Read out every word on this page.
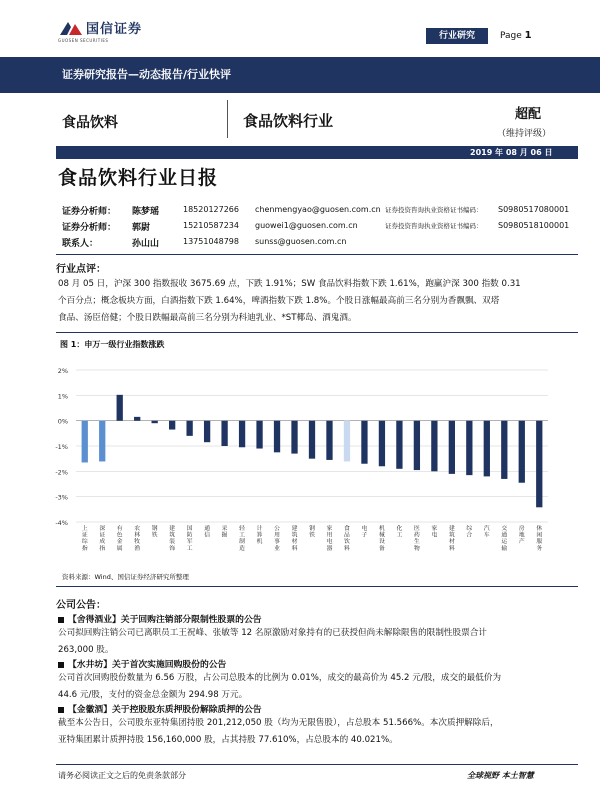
国信证券
GUOSEN SECURITIES	行业研究	Page 1
证券研究报告—动态报告/行业快评
食品饮料	食品饮料行业	超配
（维持评级）
2019 年 08 月 06 日
食品饮料行业日报
证券分析师： 陈梦瑶	18520127266 chenmengyao@guosen.com.cn 证券投资咨询执业资格证书编码： S0980517080001
证券分析师： 郭尉	15210587234 guowei1@guosen.com.cn	证券投资咨询执业资格证书编码： S0980518100001
联系人：	孙山山	13751048798 sunss@guosen.com.cn
行业点评：
08 月 05 日，沪深 300 指数报收 3675.69 点，下跌 1.91%；SW 食品饮料指数下跌 1.61%，跑赢沪深 300 指数 0.31
个百分点；概念板块方面，白酒指数下跌 1.64%，啤酒指数下跌 1.8%。个股日涨幅最高前三名分别为香飘飘、双塔
食品、汤臣倍健；个股日跌幅最高前三名分别为科迪乳业、*ST椰岛、酒鬼酒。
图 1：申万一级行业指数涨跌
2%
1%
0%
-1%
-2%
-3%
-4%
上证综指
深证成指
有色金属
农林牧渔
钢铁
建筑装饰
国防军工
通信
采掘
轻工制造
计算机
公用事业
建筑材料
钢铁
家用电器
食品饮料
电子
机械设备
化工
医药生物
家电
建筑材料
综合
汽车
交通运输
房地产
休闲服务
资料来源：Wind、国信证券经济研究所整理
公司公告：
【舍得酒业】关于回购注销部分限制性股票的公告
公司拟回购注销公司已离职员工王祝峰、张敏等 12 名原激励对象持有的已获授但尚未解除限售的限制性股票合计
263,000 股。
【水井坊】关于首次实施回购股份的公告
公司首次回购股份数量为 6.56 万股，占公司总股本的比例为 0.01%，成交的最高价为 45.2 元/股，成交的最低价为
44.6 元/股，支付的资金总金额为 294.98 万元。
【金徽酒】关于控股股东质押股份解除质押的公告
截至本公告日，公司股东亚特集团持股 201,212,050 股（均为无限售股），占总股本 51.566%。本次质押解除后，
亚特集团累计质押持股 156,160,000 股，占其持股 77.610%，占总股本的 40.021%。
请务必阅读正文之后的免责条款部分	全球视野 本土智慧
